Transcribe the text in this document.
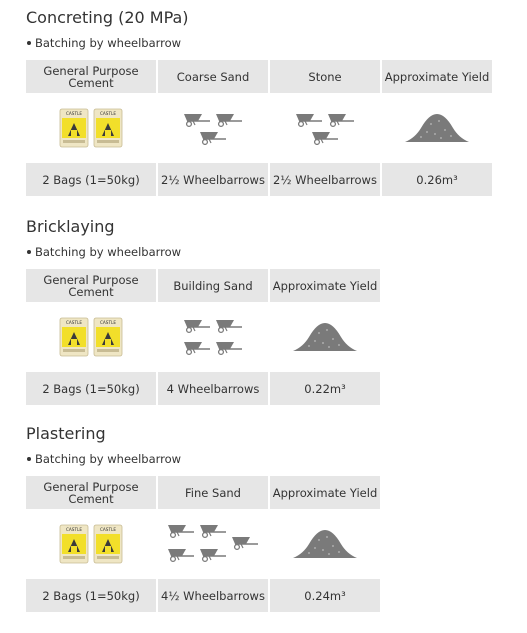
Concreting (20 MPa)
Batching by wheelbarrow
General Purpose Cement	Coarse Sand	Stone	Approximate Yield

CASTLE CASTLE

2 Bags (1=50kg)	2½ Wheelbarrows	2½ Wheelbarrows	0.26m³
Bricklaying
Batching by wheelbarrow
General Purpose Cement	Building Sand	Approximate Yield

CASTLE CASTLE

2 Bags (1=50kg)	4 Wheelbarrows	0.22m³
Plastering
Batching by wheelbarrow
General Purpose Cement	Fine Sand	Approximate Yield

CASTLE CASTLE

2 Bags (1=50kg)	4½ Wheelbarrows	0.24m³
